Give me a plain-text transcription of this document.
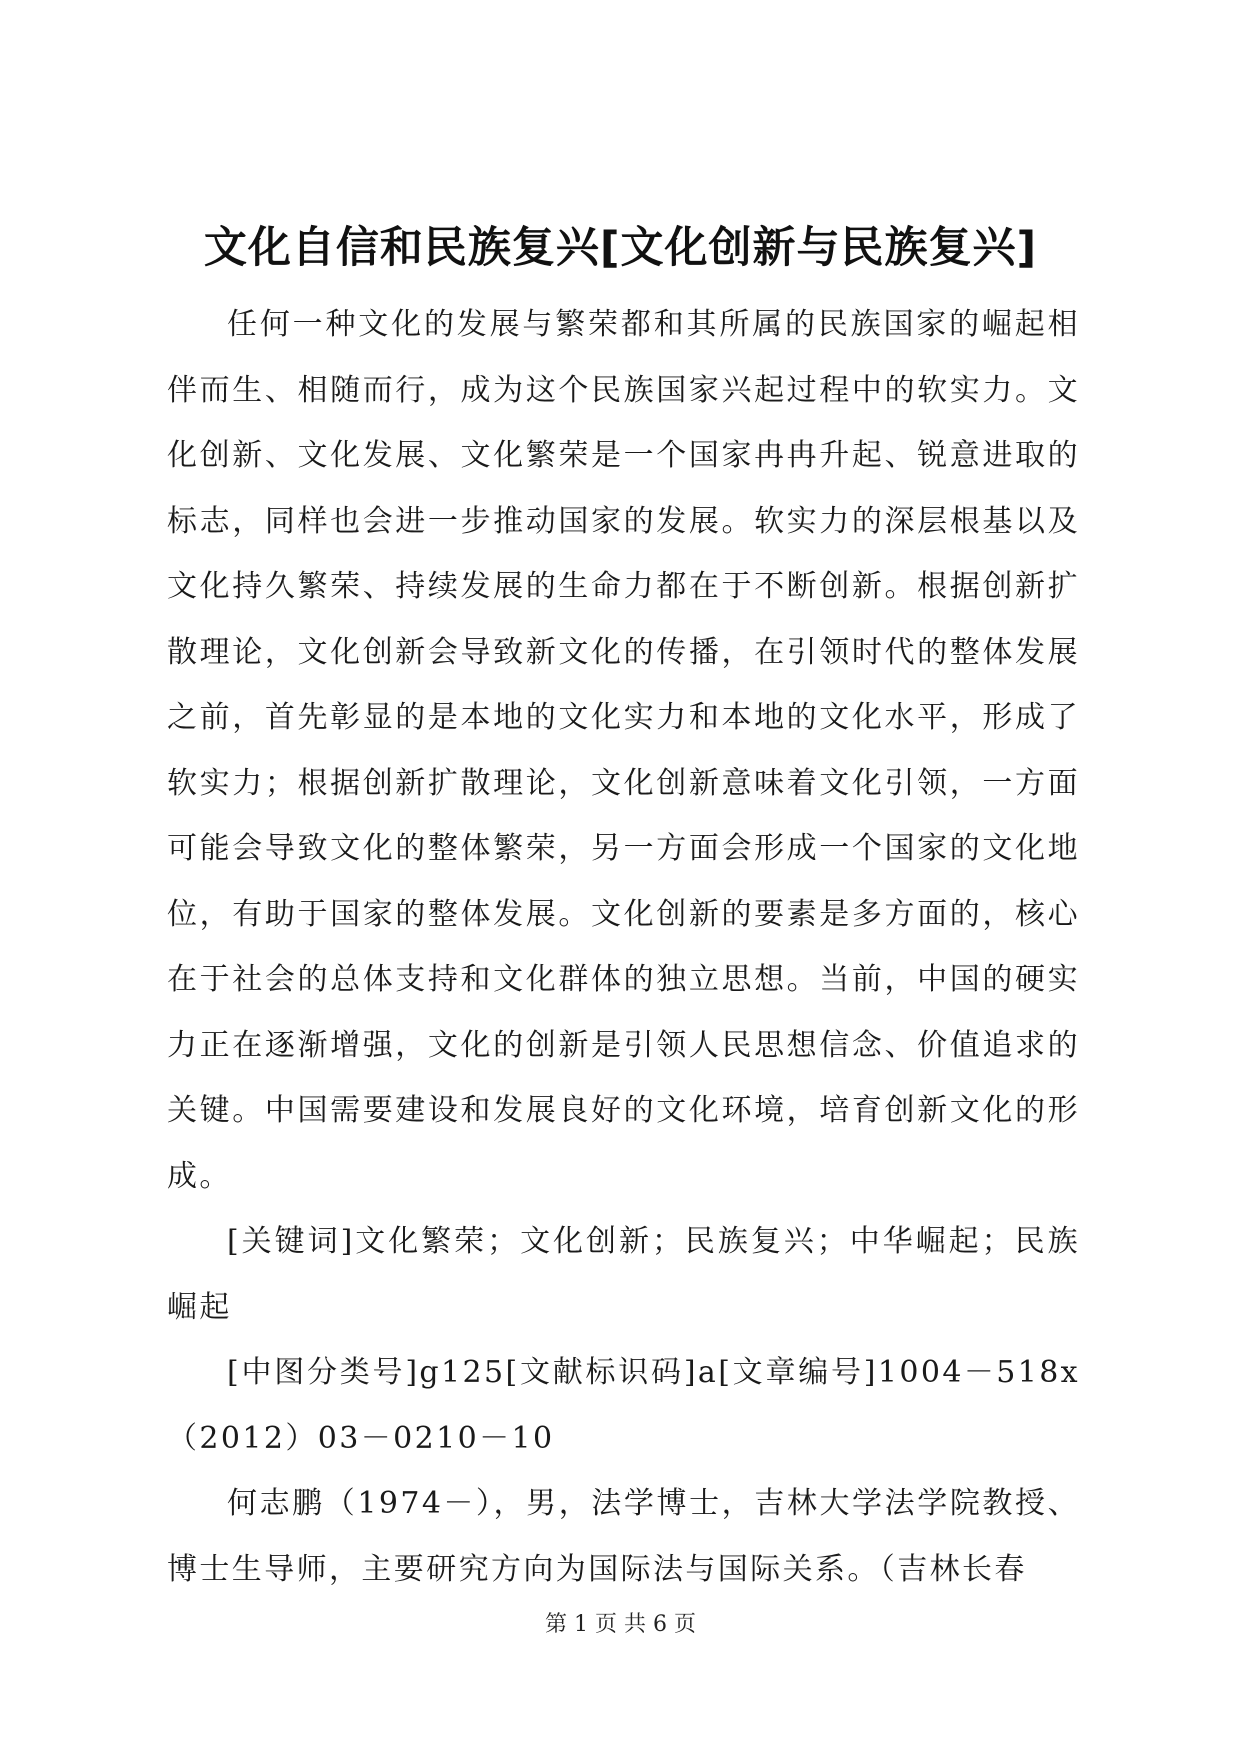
文化自信和民族复兴[文化创新与民族复兴]

任何一种文化的发展与繁荣都和其所属的民族国家的崛起相伴而生、相随而行，成为这个民族国家兴起过程中的软实力。文化创新、文化发展、文化繁荣是一个国家冉冉升起、锐意进取的标志，同样也会进一步推动国家的发展。软实力的深层根基以及文化持久繁荣、持续发展的生命力都在于不断创新。根据创新扩散理论，文化创新会导致新文化的传播，在引领时代的整体发展之前，首先彰显的是本地的文化实力和本地的文化水平，形成了软实力；根据创新扩散理论，文化创新意味着文化引领，一方面可能会导致文化的整体繁荣，另一方面会形成一个国家的文化地位，有助于国家的整体发展。文化创新的要素是多方面的，核心在于社会的总体支持和文化群体的独立思想。当前，中国的硬实力正在逐渐增强，文化的创新是引领人民思想信念、价值追求的关键。中国需要建设和发展良好的文化环境，培育创新文化的形成。

[关键词]文化繁荣；文化创新；民族复兴；中华崛起；民族崛起

[中图分类号]g125[文献标识码]a[文章编号]1004－518x（2012）03－0210－10

何志鹏（1974－），男，法学博士，吉林大学法学院教授、博士生导师，主要研究方向为国际法与国际关系。（吉林长春

第 1 页 共 6 页
